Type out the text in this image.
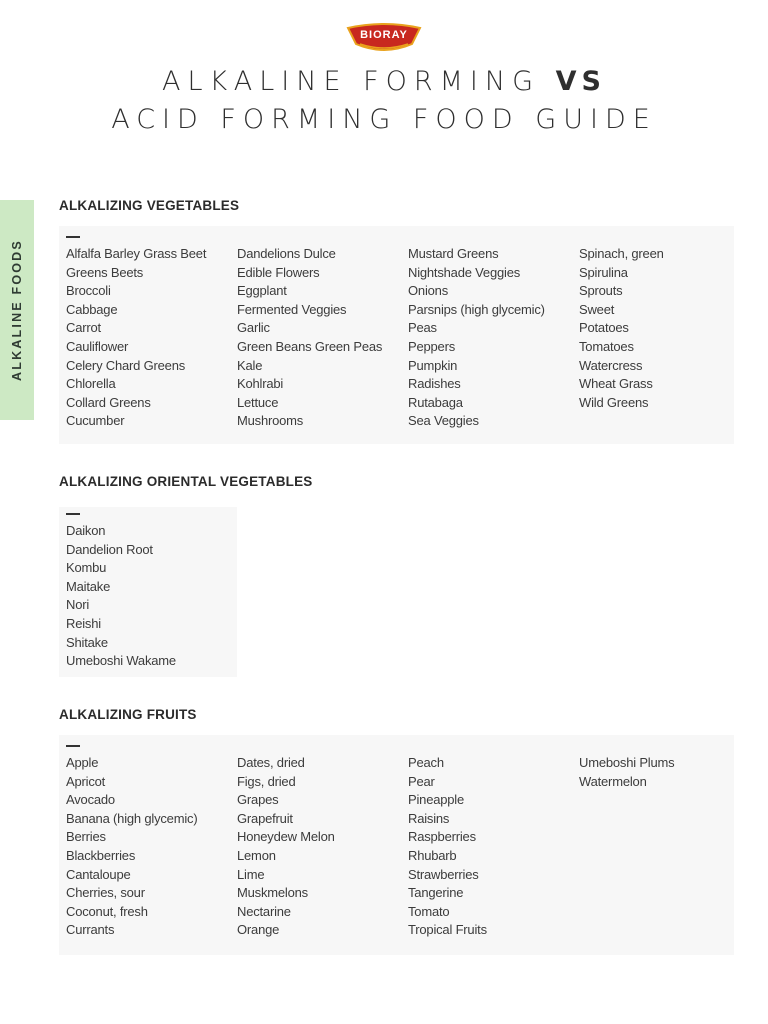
BIORAY
ALKALINE FORMING VS
ACID FORMING FOOD GUIDE
ALKALINE FOODS
ALKALIZING VEGETABLES
Alfalfa Barley Grass Beet
Greens Beets
Broccoli
Cabbage
Carrot
Cauliflower
Celery Chard Greens
Chlorella
Collard Greens
Cucumber
Dandelions Dulce
Edible Flowers
Eggplant
Fermented Veggies
Garlic
Green Beans Green Peas
Kale
Kohlrabi
Lettuce
Mushrooms
Mustard Greens
Nightshade Veggies
Onions
Parsnips (high glycemic)
Peas
Peppers
Pumpkin
Radishes
Rutabaga
Sea Veggies
Spinach, green
Spirulina
Sprouts
Sweet
Potatoes
Tomatoes
Watercress
Wheat Grass
Wild Greens
ALKALIZING ORIENTAL VEGETABLES
Daikon
Dandelion Root
Kombu
Maitake
Nori
Reishi
Shitake
Umeboshi Wakame
ALKALIZING FRUITS
Apple
Apricot
Avocado
Banana (high glycemic)
Berries
Blackberries
Cantaloupe
Cherries, sour
Coconut, fresh
Currants
Dates, dried
Figs, dried
Grapes
Grapefruit
Honeydew Melon
Lemon
Lime
Muskmelons
Nectarine
Orange
Peach
Pear
Pineapple
Raisins
Raspberries
Rhubarb
Strawberries
Tangerine
Tomato
Tropical Fruits
Umeboshi Plums
Watermelon
